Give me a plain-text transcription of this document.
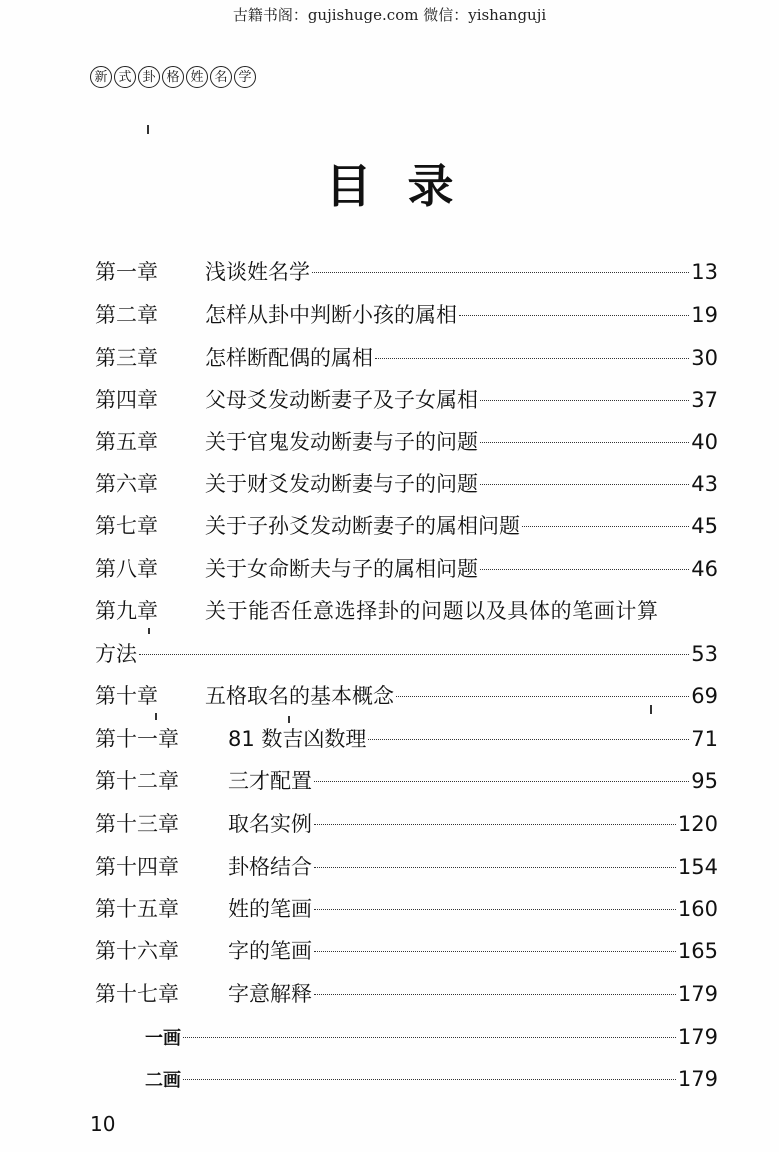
古籍书阁：gujishuge.com 微信：yishanguji
新 式 卦 格 姓 名 学
目录
第一章 浅谈姓名学	13
第二章 怎样从卦中判断小孩的属相	19
第三章 怎样断配偶的属相	30
第四章 父母爻发动断妻子及子女属相	37
第五章 关于官鬼发动断妻与子的问题	40
第六章 关于财爻发动断妻与子的问题	43
第七章 关于子孙爻发动断妻子的属相问题	45
第八章 关于女命断夫与子的属相问题	46
第九章 关于能否任意选择卦的问题以及具体的笔画计算
方法	53
第十章 五格取名的基本概念	69
第十一章 81 数吉凶数理	71
第十二章 三才配置	95
第十三章 取名实例	120
第十四章 卦格结合	154
第十五章 姓的笔画	160
第十六章 字的笔画	165
第十七章 字意解释	179
一画	179
二画	179
10
